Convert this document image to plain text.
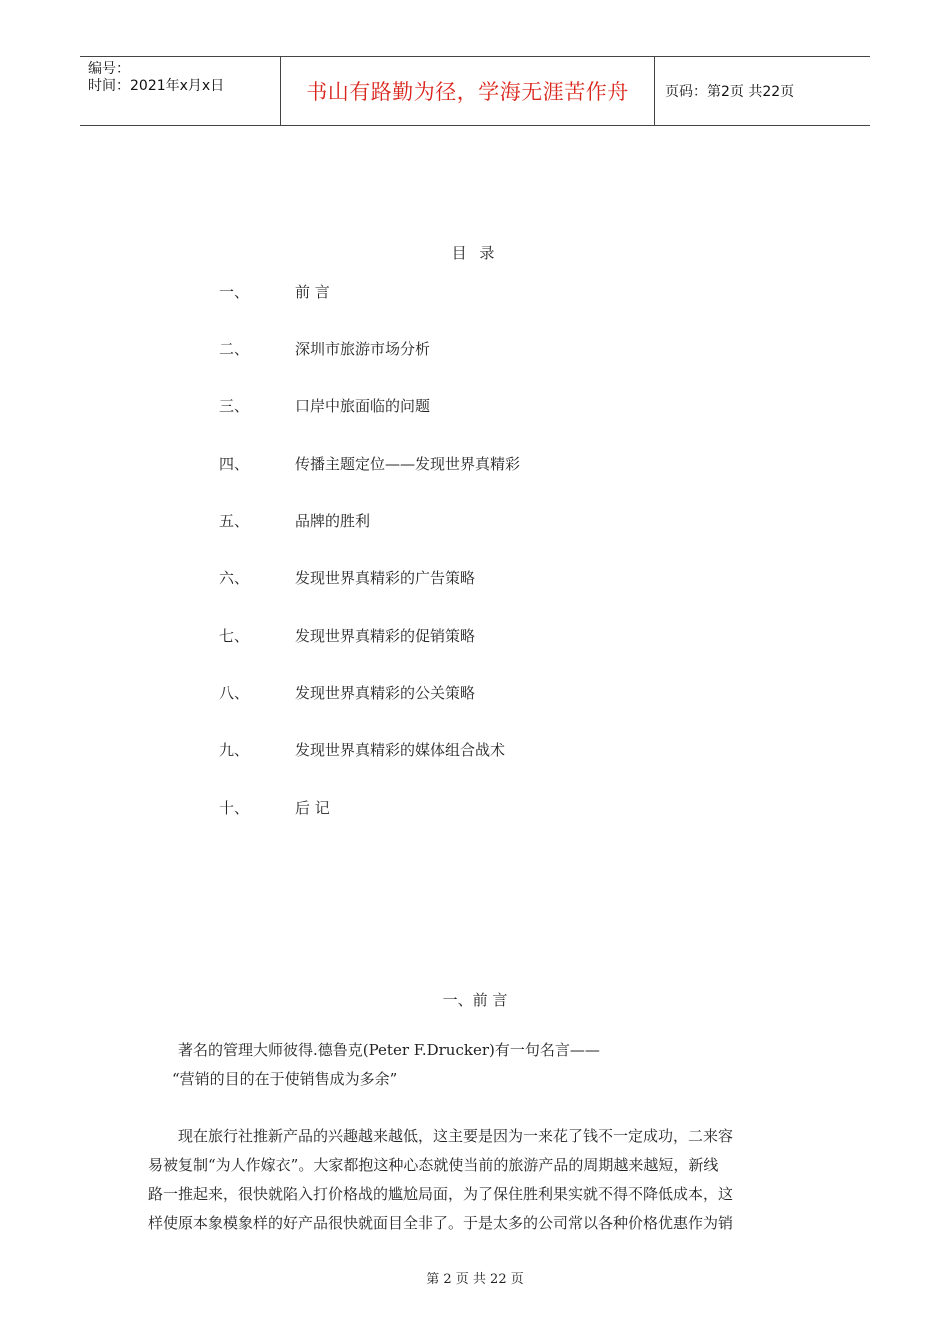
编号：
时间：2021年x月x日	书山有路勤为径，学海无涯苦作舟	页码：第2页 共22页
目 录
一、	前 言
二、	深圳市旅游市场分析
三、	口岸中旅面临的问题
四、	传播主题定位——发现世界真精彩
五、	品牌的胜利
六、	发现世界真精彩的广告策略
七、	发现世界真精彩的促销策略
八、	发现世界真精彩的公关策略
九、	发现世界真精彩的媒体组合战术
十、	后 记
一、前 言
著名的管理大师彼得.德鲁克(Peter F.Drucker)有一句名言——
“营销的目的在于使销售成为多余”
现在旅行社推新产品的兴趣越来越低，这主要是因为一来花了钱不一定成功，二来容
易被复制“为人作嫁衣”。大家都抱这种心态就使当前的旅游产品的周期越来越短，新线
路一推起来，很快就陷入打价格战的尴尬局面，为了保住胜利果实就不得不降低成本，这
样使原本象模象样的好产品很快就面目全非了。于是太多的公司常以各种价格优惠作为销
第 2 页 共 22 页
